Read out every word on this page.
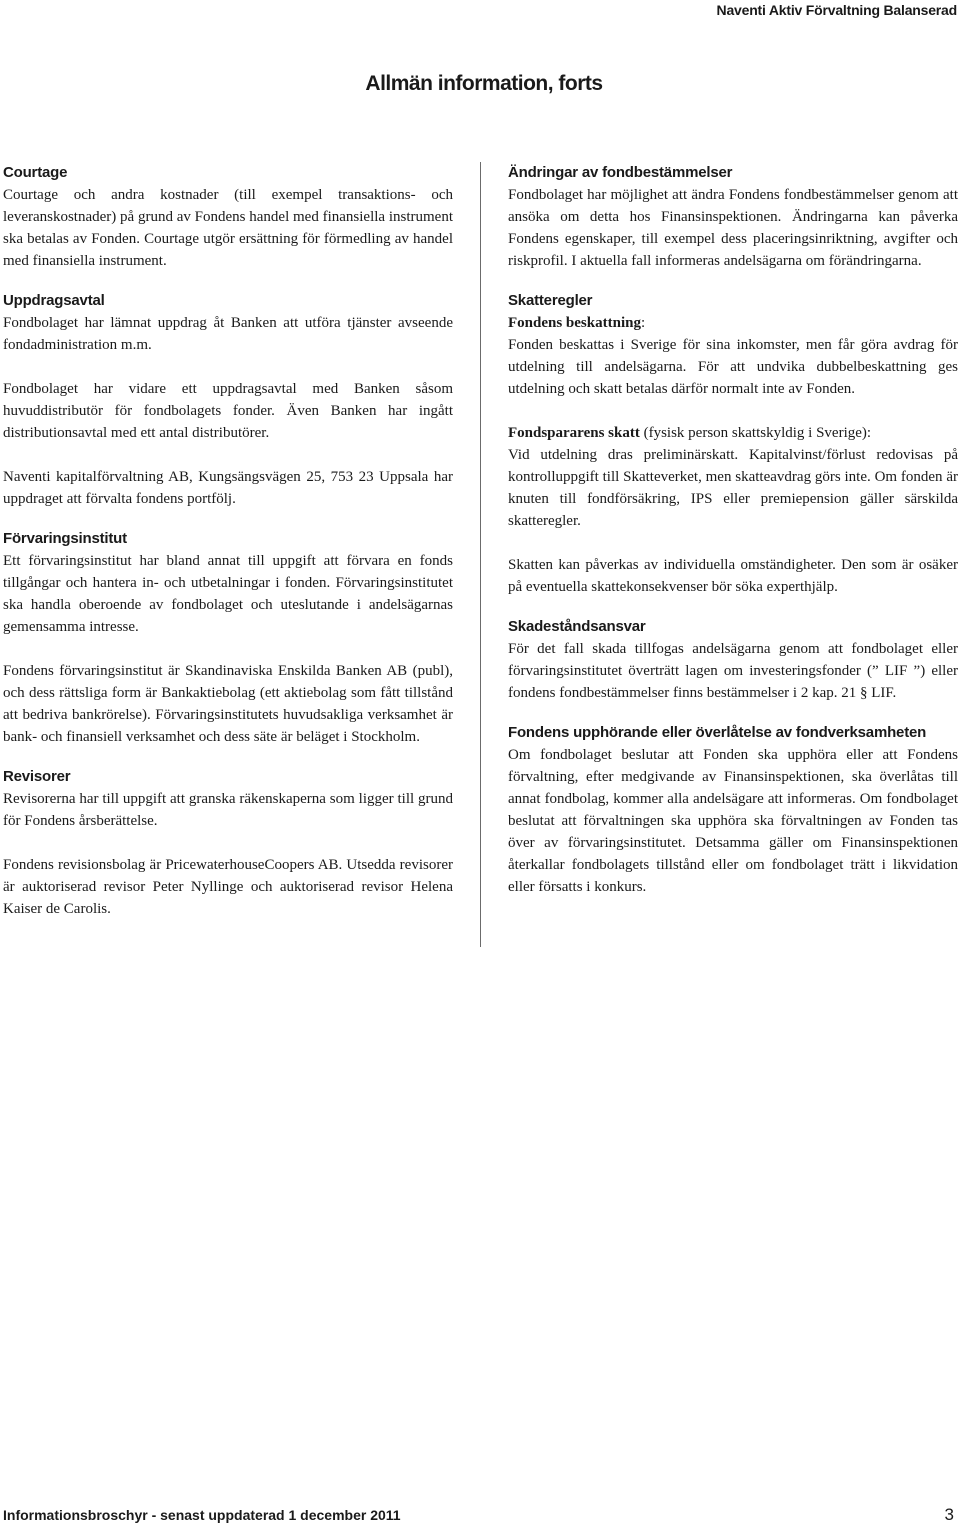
Naventi Aktiv Förvaltning Balanserad
Allmän information, forts
Courtage

Courtage och andra kostnader (till exempel transaktions- och leveranskostnader) på grund av Fondens handel med finansiella instrument ska betalas av Fonden. Courtage utgör ersättning för förmedling av handel med finansiella instrument.

Uppdragsavtal

Fondbolaget har lämnat uppdrag åt Banken att utföra tjänster avseende fondadministration m.m.

Fondbolaget har vidare ett uppdragsavtal med Banken såsom huvuddistributör för fondbolagets fonder. Även Banken har ingått distributionsavtal med ett antal distributörer.

Naventi kapitalförvaltning AB, Kungsängsvägen 25, 753 23 Uppsala har uppdraget att förvalta fondens portfölj.

Förvaringsinstitut

Ett förvaringsinstitut har bland annat till uppgift att förvara en fonds tillgångar och hantera in- och utbetalningar i fonden. Förvaringsinstitutet ska handla oberoende av fondbolaget och uteslutande i andelsägarnas gemensamma intresse.

Fondens förvaringsinstitut är Skandinaviska Enskilda Banken AB (publ), och dess rättsliga form är Bankaktiebolag (ett aktiebolag som fått tillstånd att bedriva bankrörelse). Förvaringsinstitutets huvudsakliga verksamhet är bank- och finansiell verksamhet och dess säte är beläget i Stockholm.

Revisorer

Revisorerna har till uppgift att granska räkenskaperna som ligger till grund för Fondens årsberättelse.

Fondens revisionsbolag är PricewaterhouseCoopers AB. Utsedda revisorer är auktoriserad revisor Peter Nyllinge och auktoriserad revisor Helena Kaiser de Carolis.

Ändringar av fondbestämmelser

Fondbolaget har möjlighet att ändra Fondens fondbestämmelser genom att ansöka om detta hos Finansinspektionen. Ändringarna kan påverka Fondens egenskaper, till exempel dess placeringsinriktning, avgifter och riskprofil. I aktuella fall informeras andelsägarna om förändringarna.

Skatteregler

Fondens beskattning:

Fonden beskattas i Sverige för sina inkomster, men får göra avdrag för utdelning till andelsägarna. För att undvika dubbelbeskattning ges utdelning och skatt betalas därför normalt inte av Fonden.

Fondspararens skatt (fysisk person skattskyldig i Sverige):

Vid utdelning dras preliminärskatt. Kapitalvinst/förlust redovisas på kontrolluppgift till Skatteverket, men skatteavdrag görs inte. Om fonden är knuten till fondförsäkring, IPS eller premiepension gäller särskilda skatteregler.

Skatten kan påverkas av individuella omständigheter. Den som är osäker på eventuella skattekonsekvenser bör söka experthjälp.

Skadeståndsansvar

För det fall skada tillfogas andelsägarna genom att fondbolaget eller förvaringsinstitutet överträtt lagen om investeringsfonder (” LIF ”) eller fondens fondbestämmelser finns bestämmelser i 2 kap. 21 § LIF.

Fondens upphörande eller överlåtelse av fondverksamheten

Om fondbolaget beslutar att Fonden ska upphöra eller att Fondens förvaltning, efter medgivande av Finansinspektionen, ska överlåtas till annat fondbolag, kommer alla andelsägare att informeras. Om fondbolaget beslutat att förvaltningen ska upphöra ska förvaltningen av Fonden tas över av förvaringsinstitutet. Detsamma gäller om Finansinspektionen återkallar fondbolagets tillstånd eller om fondbolaget trätt i likvidation eller försatts i konkurs.

Informationsbroschyr - senast uppdaterad 1 december 2011	3
